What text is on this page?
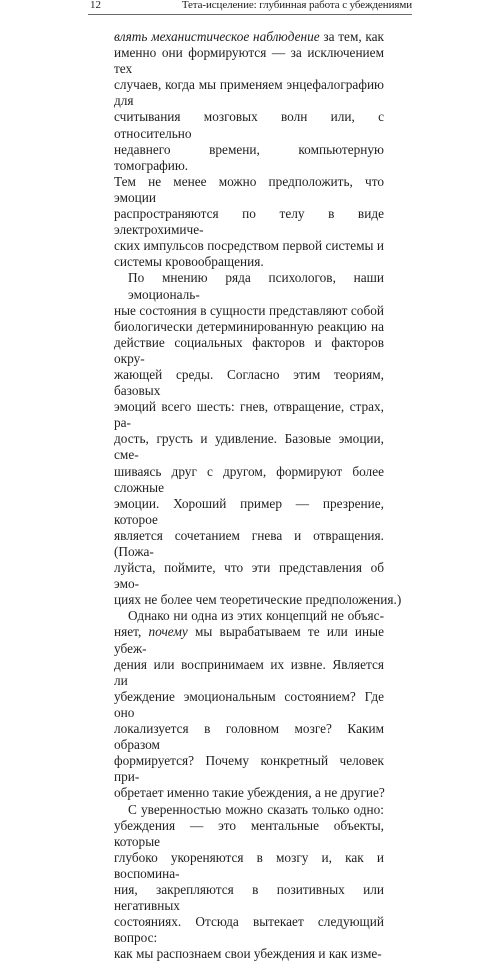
12	Тета-исцеление: глубинная работа с убеждениями
влять механистическое наблюдение за тем, как
именно они формируются — за исключением тех
случаев, когда мы применяем энцефалографию для
считывания мозговых волн или, с относительно
недавнего времени, компьютерную томографию.
Тем не менее можно предположить, что эмоции
распространяются по телу в виде электрохимиче-
ских импульсов посредством первой системы и
системы кровообращения.
По мнению ряда психологов, наши эмоциональ-
ные состояния в сущности представляют собой
биологически детерминированную реакцию на
действие социальных факторов и факторов окру-
жающей среды. Согласно этим теориям, базовых
эмоций всего шесть: гнев, отвращение, страх, ра-
дость, грусть и удивление. Базовые эмоции, сме-
шиваясь друг с другом, формируют более сложные
эмоции. Хороший пример — презрение, которое
является сочетанием гнева и отвращения. (Пожа-
луйста, поймите, что эти представления об эмо-
циях не более чем теоретические предположения.)
Однако ни одна из этих концепций не объяс-
няет, почему мы вырабатываем те или иные убеж-
дения или воспринимаем их извне. Является ли
убеждение эмоциональным состоянием? Где оно
локализуется в головном мозге? Каким образом
формируется? Почему конкретный человек при-
обретает именно такие убеждения, а не другие?
С уверенностью можно сказать только одно:
убеждения — это ментальные объекты, которые
глубоко укореняются в мозгу и, как и воспомина-
ния, закрепляются в позитивных или негативных
состояниях. Отсюда вытекает следующий вопрос:
как мы распознаем свои убеждения и как изме-
